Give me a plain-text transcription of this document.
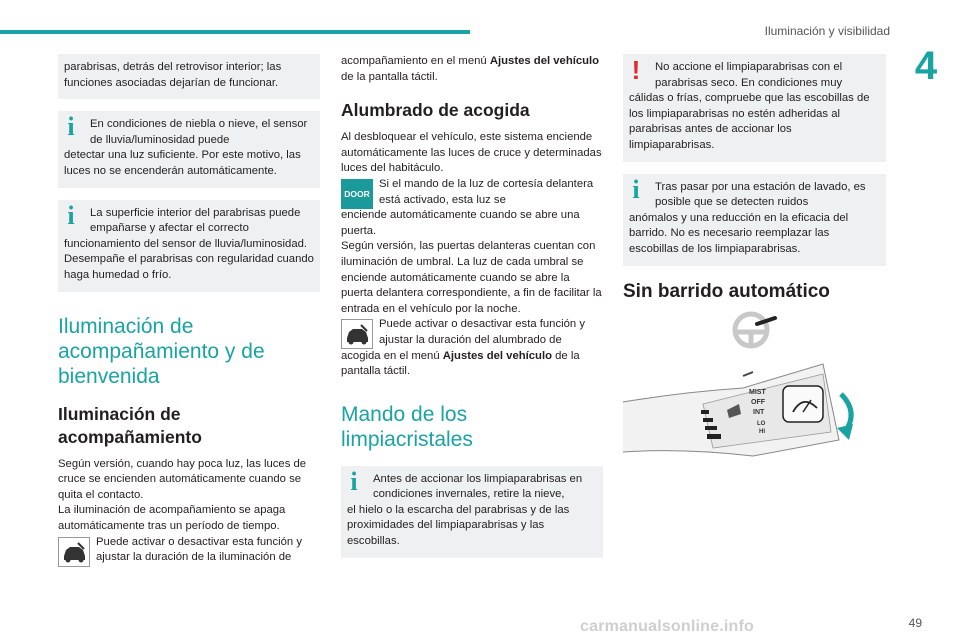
Iluminación y visibilidad
4
parabrisas, detrás del retrovisor interior; las funciones asociadas dejarían de funcionar.
i	En condiciones de niebla o nieve, el sensor de lluvia/luminosidad puede
detectar una luz suficiente. Por este motivo, las luces no se encenderán automáticamente.
i	La superficie interior del parabrisas puede empañarse y afectar el correcto
funcionamiento del sensor de lluvia/luminosidad.
Desempañe el parabrisas con regularidad cuando haga humedad o frío.
Iluminación de acompañamiento y de bienvenida
Iluminación de acompañamiento

Según versión, cuando hay poca luz, las luces de cruce se encienden automáticamente cuando se quita el contacto.

La iluminación de acompañamiento se apaga automáticamente tras un período de tiempo.

Puede activar o desactivar esta función y ajustar la duración de la iluminación de

acompañamiento en el menú Ajustes del vehículo de la pantalla táctil.

Alumbrado de acogida

Al desbloquear el vehículo, este sistema enciende automáticamente las luces de cruce y determinadas luces del habitáculo.

DOOR
Si el mando de la luz de cortesía delantera está activado, esta luz se
enciende automáticamente cuando se abre una puerta.

Según versión, las puertas delanteras cuentan con iluminación de umbral. La luz de cada umbral se enciende automáticamente cuando se abre la puerta delantera correspondiente, a fin de facilitar la entrada en el vehículo por la noche.

Puede activar o desactivar esta función y ajustar la duración del alumbrado de
acogida en el menú Ajustes del vehículo de la pantalla táctil.

Mando de los limpiacristales
i	Antes de accionar los limpiaparabrisas en condiciones invernales, retire la nieve,
el hielo o la escarcha del parabrisas y de las proximidades del limpiaparabrisas y las escobillas.
!	No accione el limpiaparabrisas con el parabrisas seco. En condiciones muy
cálidas o frías, compruebe que las escobillas de los limpiaparabrisas no estén adheridas al parabrisas antes de accionar los limpiaparabrisas.
i	Tras pasar por una estación de lavado, es posible que se detecten ruidos
anómalos y una reducción en la eficacia del barrido. No es necesario reemplazar las escobillas de los limpiaparabrisas.
Sin barrido automático
MIST
OFF
INT
LO
HI
carmanualsonline.info	49
